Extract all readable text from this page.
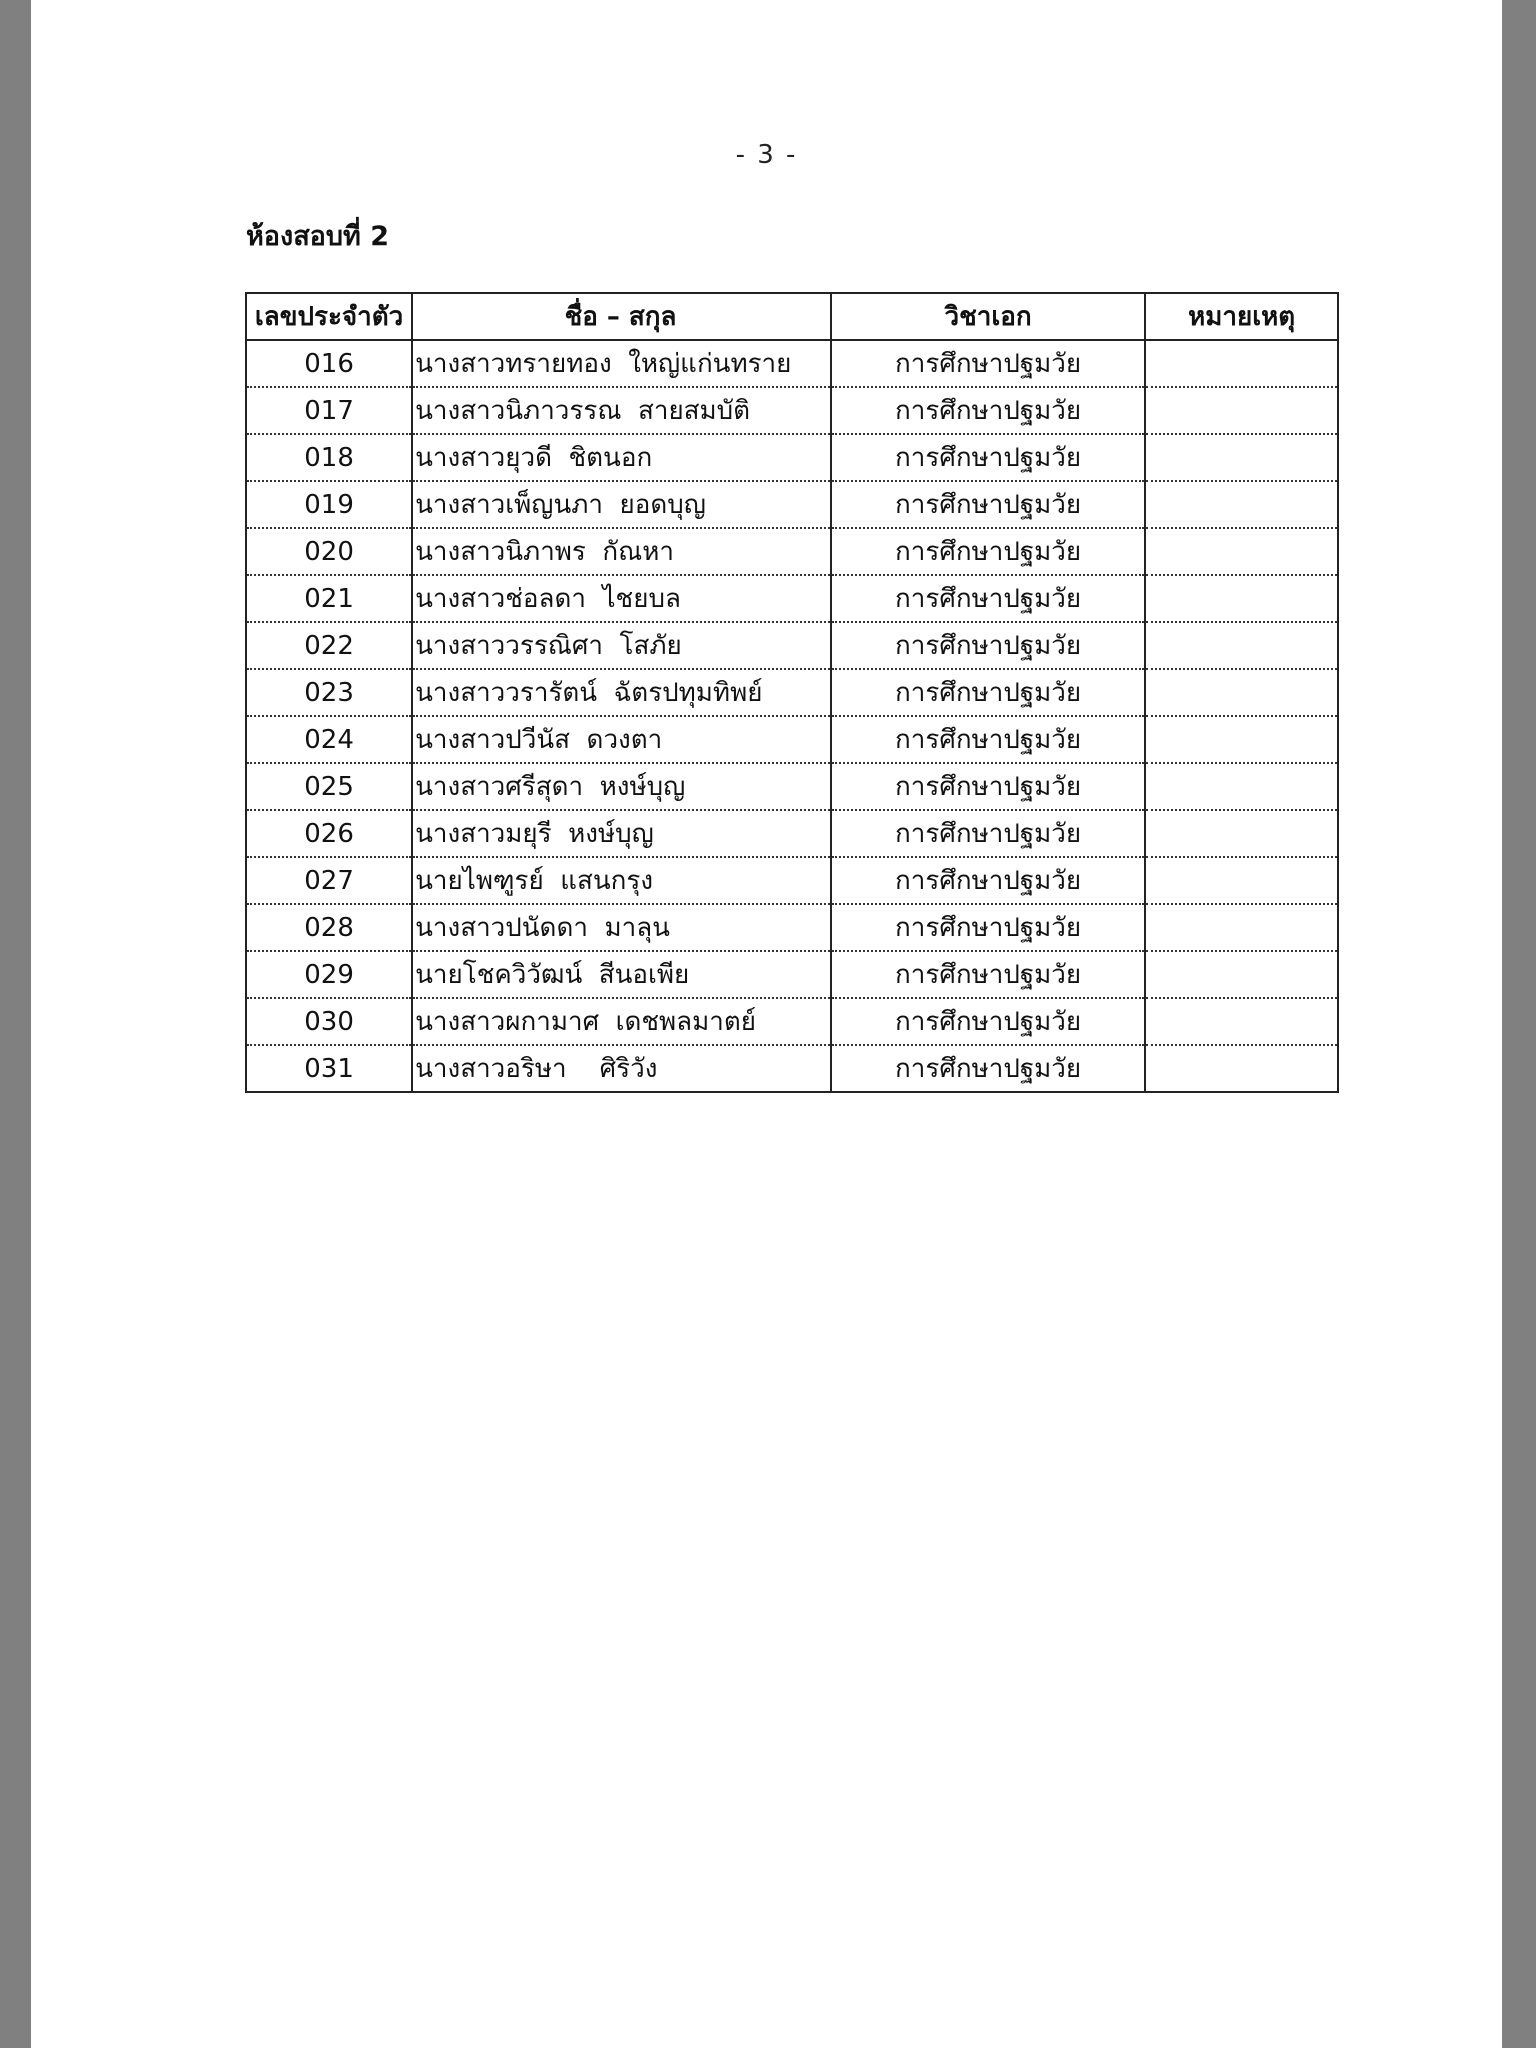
- 3 -
ห้องสอบที่ 2
เลขประจำตัว	ชื่อ – สกุล	วิชาเอก	หมายเหตุ
016	นางสาวทรายทอง  ใหญ่แก่นทราย	การศึกษาปฐมวัย	
017	นางสาวนิภาวรรณ  สายสมบัติ	การศึกษาปฐมวัย	
018	นางสาวยุวดี  ชิตนอก	การศึกษาปฐมวัย	
019	นางสาวเพ็ญนภา  ยอดบุญ	การศึกษาปฐมวัย	
020	นางสาวนิภาพร  กัณหา	การศึกษาปฐมวัย	
021	นางสาวช่อลดา  ไชยบล	การศึกษาปฐมวัย	
022	นางสาววรรณิศา  โสภัย	การศึกษาปฐมวัย	
023	นางสาววรารัตน์  ฉัตรปทุมทิพย์	การศึกษาปฐมวัย	
024	นางสาวปวีนัส  ดวงตา	การศึกษาปฐมวัย	
025	นางสาวศรีสุดา  หงษ์บุญ	การศึกษาปฐมวัย	
026	นางสาวมยุรี  หงษ์บุญ	การศึกษาปฐมวัย	
027	นายไพฑูรย์  แสนกรุง	การศึกษาปฐมวัย	
028	นางสาวปนัดดา  มาลุน	การศึกษาปฐมวัย	
029	นายโชควิวัฒน์  สีนอเพีย	การศึกษาปฐมวัย	
030	นางสาวผกามาศ  เดชพลมาตย์	การศึกษาปฐมวัย	
031	นางสาวอริษา    ศิริวัง	การศึกษาปฐมวัย	
